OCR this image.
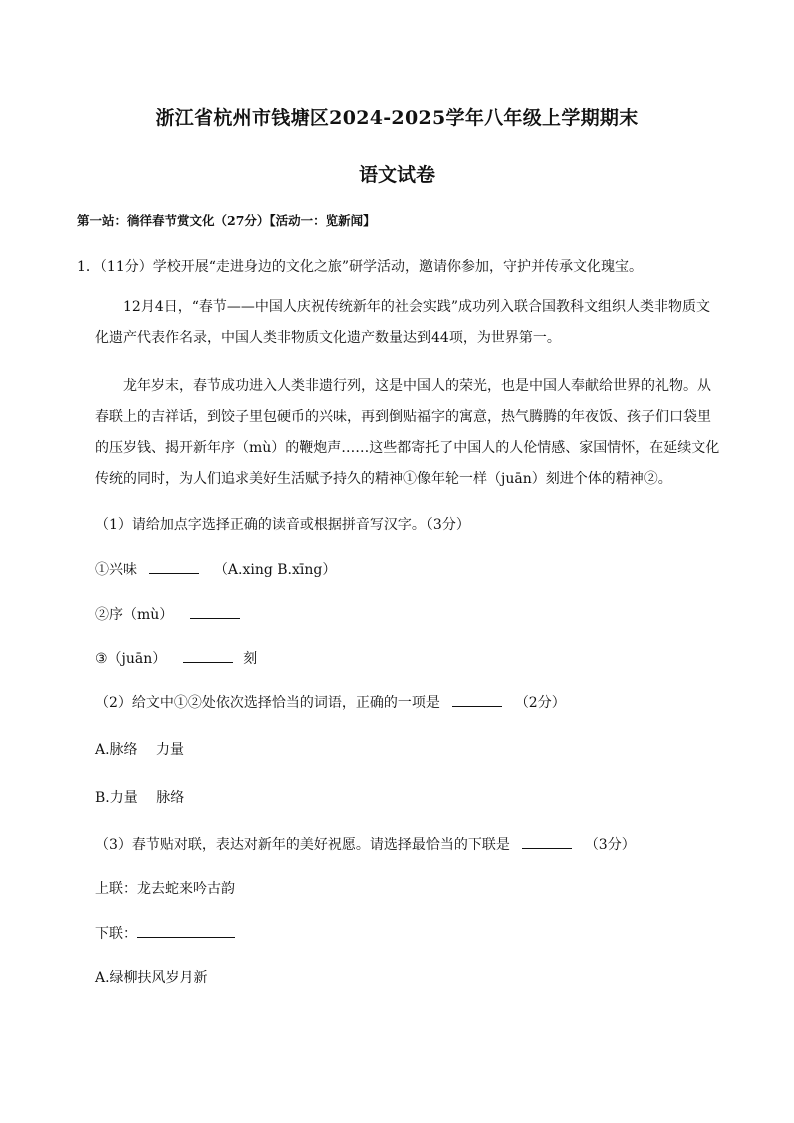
浙江省杭州市钱塘区2024-2025学年八年级上学期期末
语文试卷
第一站：徜徉春节赏文化（27分）【活动一：览新闻】
1．（11分）学校开展“走进身边的文化之旅”研学活动，邀请你参加，守护并传承文化瑰宝。
12月4日，“春节——中国人庆祝传统新年的社会实践”成功列入联合国教科文组织人类非物质文化遗产代表作名录，中国人类非物质文化遗产数量达到44项，为世界第一。
龙年岁末，春节成功进入人类非遗行列，这是中国人的荣光，也是中国人奉献给世界的礼物。从春联上的吉祥话，到饺子里包硬币的兴味，再到倒贴福字的寓意，热气腾腾的年夜饭、孩子们口袋里的压岁钱、揭开新年序（mù）的鞭炮声……这些都寄托了中国人的人伦情感、家国情怀，在延续文化传统的同时，为人们追求美好生活赋予持久的精神①像年轮一样（juān）刻进个体的精神②。
（1）请给加点字选择正确的读音或根据拼音写汉字。（3分）
①兴味	（A.xing B.xīng）
②序（mù）
③（juān）	刻
（2）给文中①②处依次选择恰当的词语，正确的一项是	（2分）
A.脉络　 力量
B.力量　 脉络
（3）春节贴对联，表达对新年的美好祝愿。请选择最恰当的下联是	（3分）
上联：龙去蛇来吟古韵
下联：
A.绿柳扶风岁月新
